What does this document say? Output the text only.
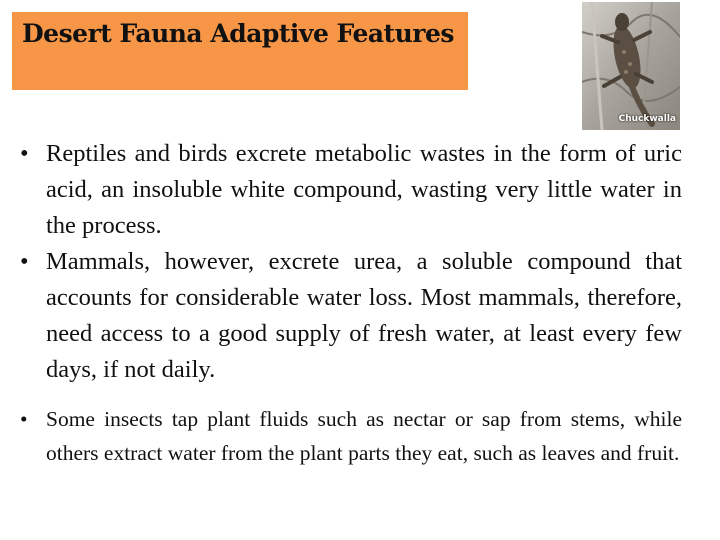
Desert Fauna Adaptive Features
Chuckwalla
• Reptiles and birds excrete metabolic wastes in the form of uric acid, an insoluble white compound, wasting very little water in the process.
• Mammals, however, excrete urea, a soluble compound that accounts for considerable water loss. Most mammals, therefore, need access to a good supply of fresh water, at least every few days, if not daily.
• Some insects tap plant fluids such as nectar or sap from stems, while others extract water from the plant parts they eat, such as leaves and fruit.
